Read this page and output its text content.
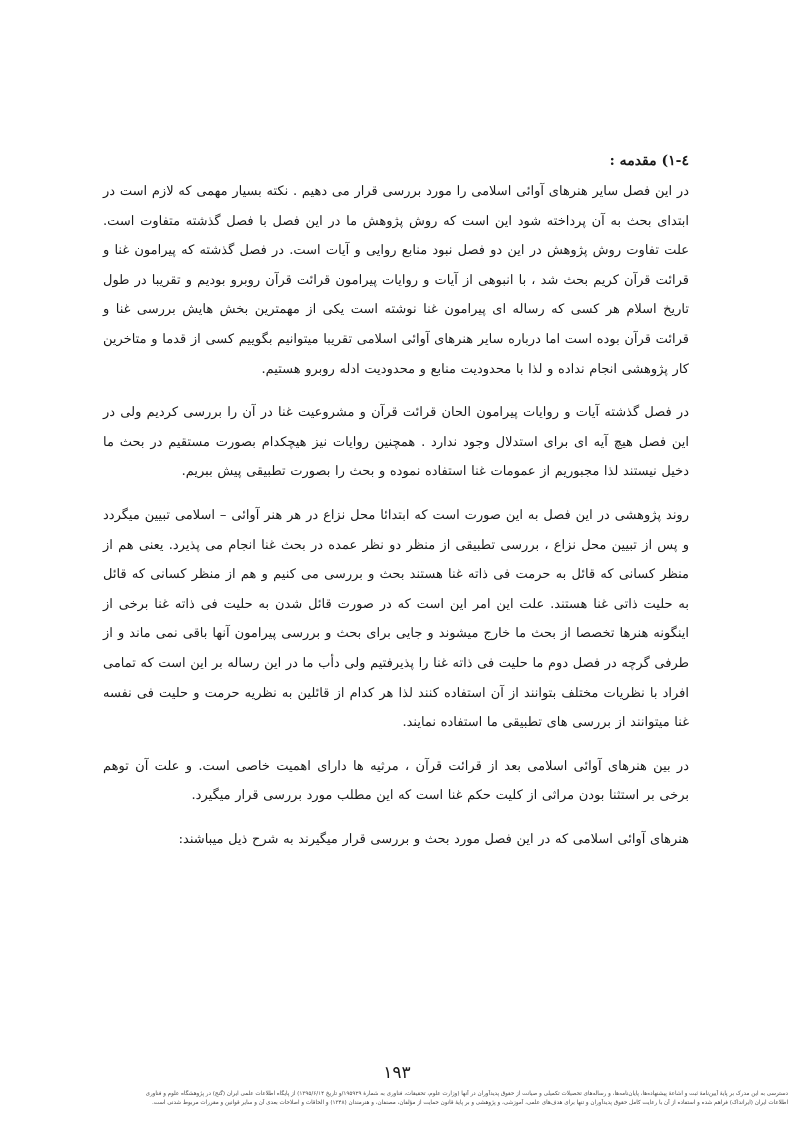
٤-١) مقدمه :

در این فصل سایر هنرهای آوائی اسلامی را مورد بررسی قرار می دهیم . نکته بسیار مهمی که لازم است در ابتدای بحث به آن پرداخته شود این است که روش پژوهش ما در این فصل با فصل گذشته متفاوت است. علت تفاوت روش پژوهش در این دو فصل نبود منابع روایی و آیات است. در فصل گذشته که پیرامون غنا و قرائت قرآن کریم بحث شد ، با انبوهی از آیات و روایات پیرامون قرائت قرآن روبرو بودیم و تقریبا در طول تاریخ اسلام هر کسی که رساله ای پیرامون غنا نوشته است یکی از مهمترین بخش هایش بررسی غنا و قرائت قرآن بوده است اما درباره سایر هنرهای آوائی اسلامی تقریبا میتوانیم بگوییم کسی از قدما و متاخرین کار پژوهشی انجام نداده و لذا با محدودیت منابع و محدودیت ادله روبرو هستیم.

در فصل گذشته آیات و روایات پیرامون الحان قرائت قرآن و مشروعیت غنا در آن را بررسی کردیم ولی در این فصل هیچ آیه ای برای استدلال وجود ندارد . همچنین روایات نیز هیچکدام بصورت مستقیم در بحث ما دخیل نیستند لذا مجبوریم از عمومات غنا استفاده نموده و بحث را بصورت تطبیقی پیش ببریم.

روند پژوهشی در این فصل به این صورت است که ابتدائا محل نزاع در هر هنر آوائی – اسلامی تبیین میگردد و پس از تبیین محل نزاع ، بررسی تطبیقی از منظر دو نظر عمده در بحث غنا انجام می پذیرد. یعنی هم از منظر کسانی که قائل به حرمت فی ذاته غنا هستند بحث و بررسی می کنیم و هم از منظر کسانی که قائل به حلیت ذاتی غنا هستند. علت این امر این است که در صورت قائل شدن به حلیت فی ذاته غنا برخی از اینگونه هنرها تخصصا از بحث ما خارج میشوند و جایی برای بحث و بررسی پیرامون آنها باقی نمی ماند و از طرفی گرچه در فصل دوم ما حلیت فی ذاته غنا را پذیرفتیم ولی دأب ما در این رساله بر این است که تمامی افراد با نظریات مختلف بتوانند از آن استفاده کنند لذا هر کدام از قائلین به نظریه حرمت و حلیت فی نفسه غنا میتوانند از بررسی های تطبیقی ما استفاده نمایند.

در بین هنرهای آوائی اسلامی بعد از قرائت قرآن ، مرثیه ها دارای اهمیت خاصی است. و علت آن توهم برخی بر استثنا بودن مراثی از کلیت حکم غنا است که این مطلب مورد بررسی قرار میگیرد.

هنرهای آوائی اسلامی که در این فصل مورد بحث و بررسی قرار میگیرند به شرح ذیل میباشند:

١٩٣
دسترسی به این مدرک بر پایهٔ آیین‌نامهٔ ثبت و اشاعهٔ پیشنهاده‌ها، پایان‌نامه‌ها، و رساله‌های تحصیلات تکمیلی و صیانت از حقوق پدیدآوران در آنها (وزارت علوم، تحقیقات، فناوری به شمارهٔ ۱۹۵۹۲۹/و تاریخ ۱۳۹۵/۶/۱۴) از پایگاه اطلاعات علمی ایران (گنج) در پژوهشگاه علوم و فناوری
اطلاعات ایران (ایرانداک) فراهم شده و استفاده از آن با رعایت کامل حقوق پدیدآوران و تنها برای هدف‌های علمی، آموزشی، و پژوهشی و بر پایهٔ قانون حمایت از مؤلفان، مصنفان، و هنرمندان (۱۳۴۸) و الحاقات و اصلاحات بعدی آن و سایر قوانین و مقررات مربوط شدنی است.
